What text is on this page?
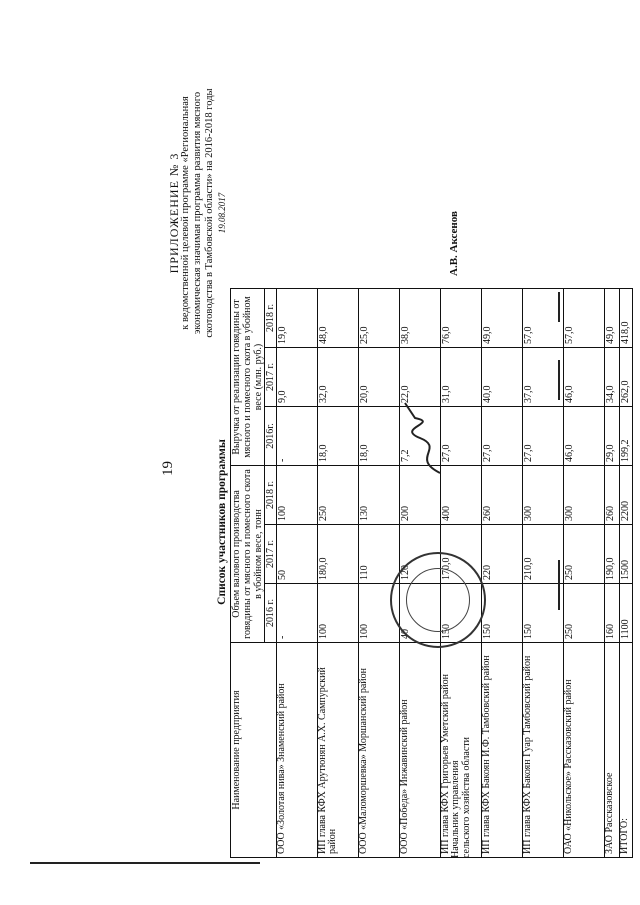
19
ПРИЛОЖЕНИЕ № 3 к ведомственной целевой программе «Региональная экономическая значимая программа развития мясного скотоводства в Тамбовской области» на 2016-2018 годы 19.08.2017
Список участников программы
Наименование предприятия	Объем валового производства говядины от мясного и помесного скота в убойном весе, тонн			Выручка от реализации говядины от мясного и помесного скота в убойном весе (млн. руб.)		
	2016 г.	2017 г.	2018 г.	2016г.	2017 г.	2018 г.
ООО «Золотая нива» Знаменский район	-	50	100	-	9,0	19,0
ИП глава КФХ Арутюнян А.Х. Сампурский район	100	180,0	250	18,0	32,0	48,0
ООО «Маломоршевка» Моршанский район	100	110	130	18,0	20,0	25,0
ООО «Победа» Инжавинский район	40	120	200	7,2	22,0	38,0
ИП глава КФХ Григорьев Уметский район	150	170,0	400	27,0	31,0	76,0
ИП глава КФХ Бакоян И.Ф. Тамбовский район	150	220	260	27,0	40,0	49,0
ИП глава КФХ Бакоян Гуар Тамбовский район	150	210,0	300	27,0	37,0	57,0
ОАО «Никольское» Рассказовский район	250	250	300	46,0	46,0	57,0
ЗАО Рассказовское	160	190,0	260	29,0	34,0	49,0
ИТОГО:	1100	1500	2200	199,2	262,0	418,0
Начальник управления сельского хозяйства области
А.В. Аксенов
